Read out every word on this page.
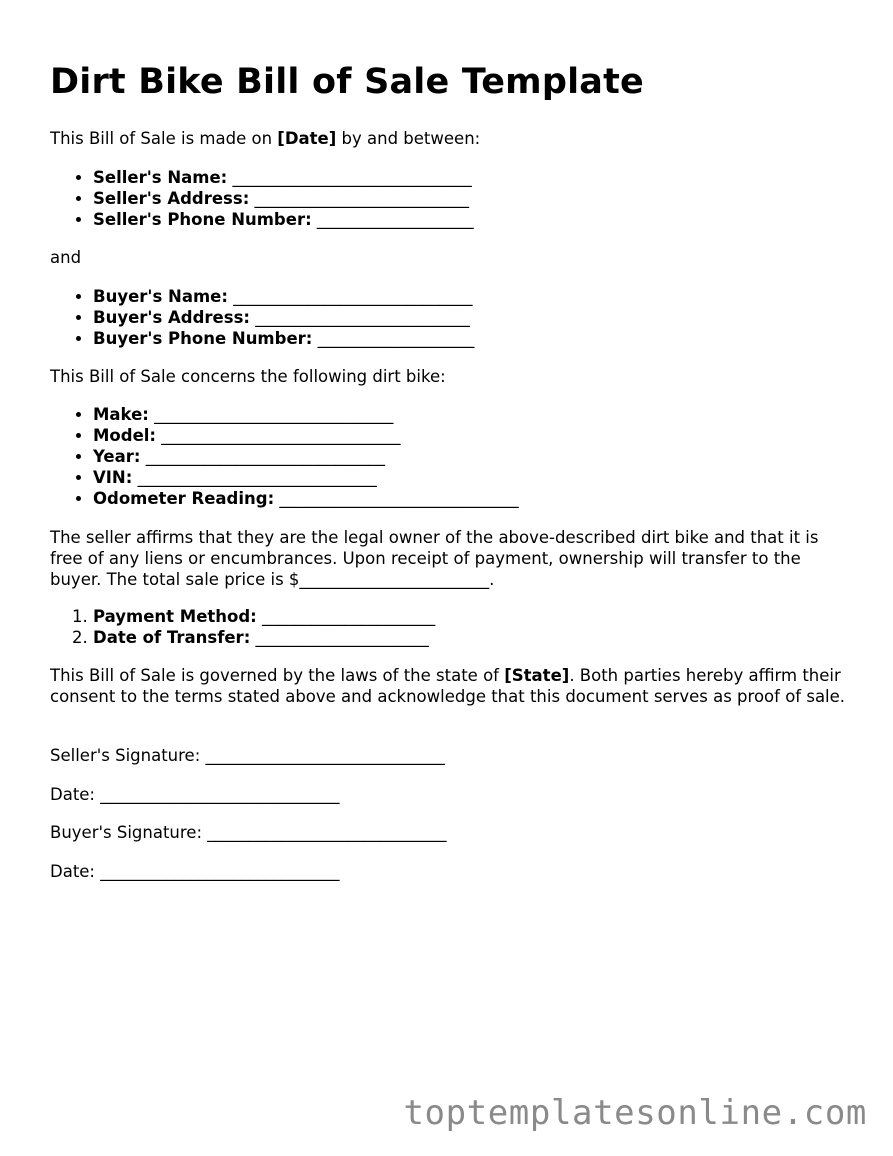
Dirt Bike Bill of Sale Template

This Bill of Sale is made on [Date] by and between:

• Seller's Name: _____________________________
• Seller's Address: __________________________
• Seller's Phone Number: ___________________

and

• Buyer's Name: _____________________________
• Buyer's Address: __________________________
• Buyer's Phone Number: ___________________

This Bill of Sale concerns the following dirt bike:

• Make: _____________________________
• Model: _____________________________
• Year: _____________________________
• VIN: _____________________________
• Odometer Reading: _____________________________

The seller affirms that they are the legal owner of the above-described dirt bike and that it is free of any liens or encumbrances. Upon receipt of payment, ownership will transfer to the buyer. The total sale price is $_______________________.

1. Payment Method: _____________________
2. Date of Transfer: _____________________

This Bill of Sale is governed by the laws of the state of [State]. Both parties hereby affirm their consent to the terms stated above and acknowledge that this document serves as proof of sale.

Seller's Signature: _____________________________
Date: _____________________________
Buyer's Signature: _____________________________
Date: _____________________________
toptemplatesonline.com
